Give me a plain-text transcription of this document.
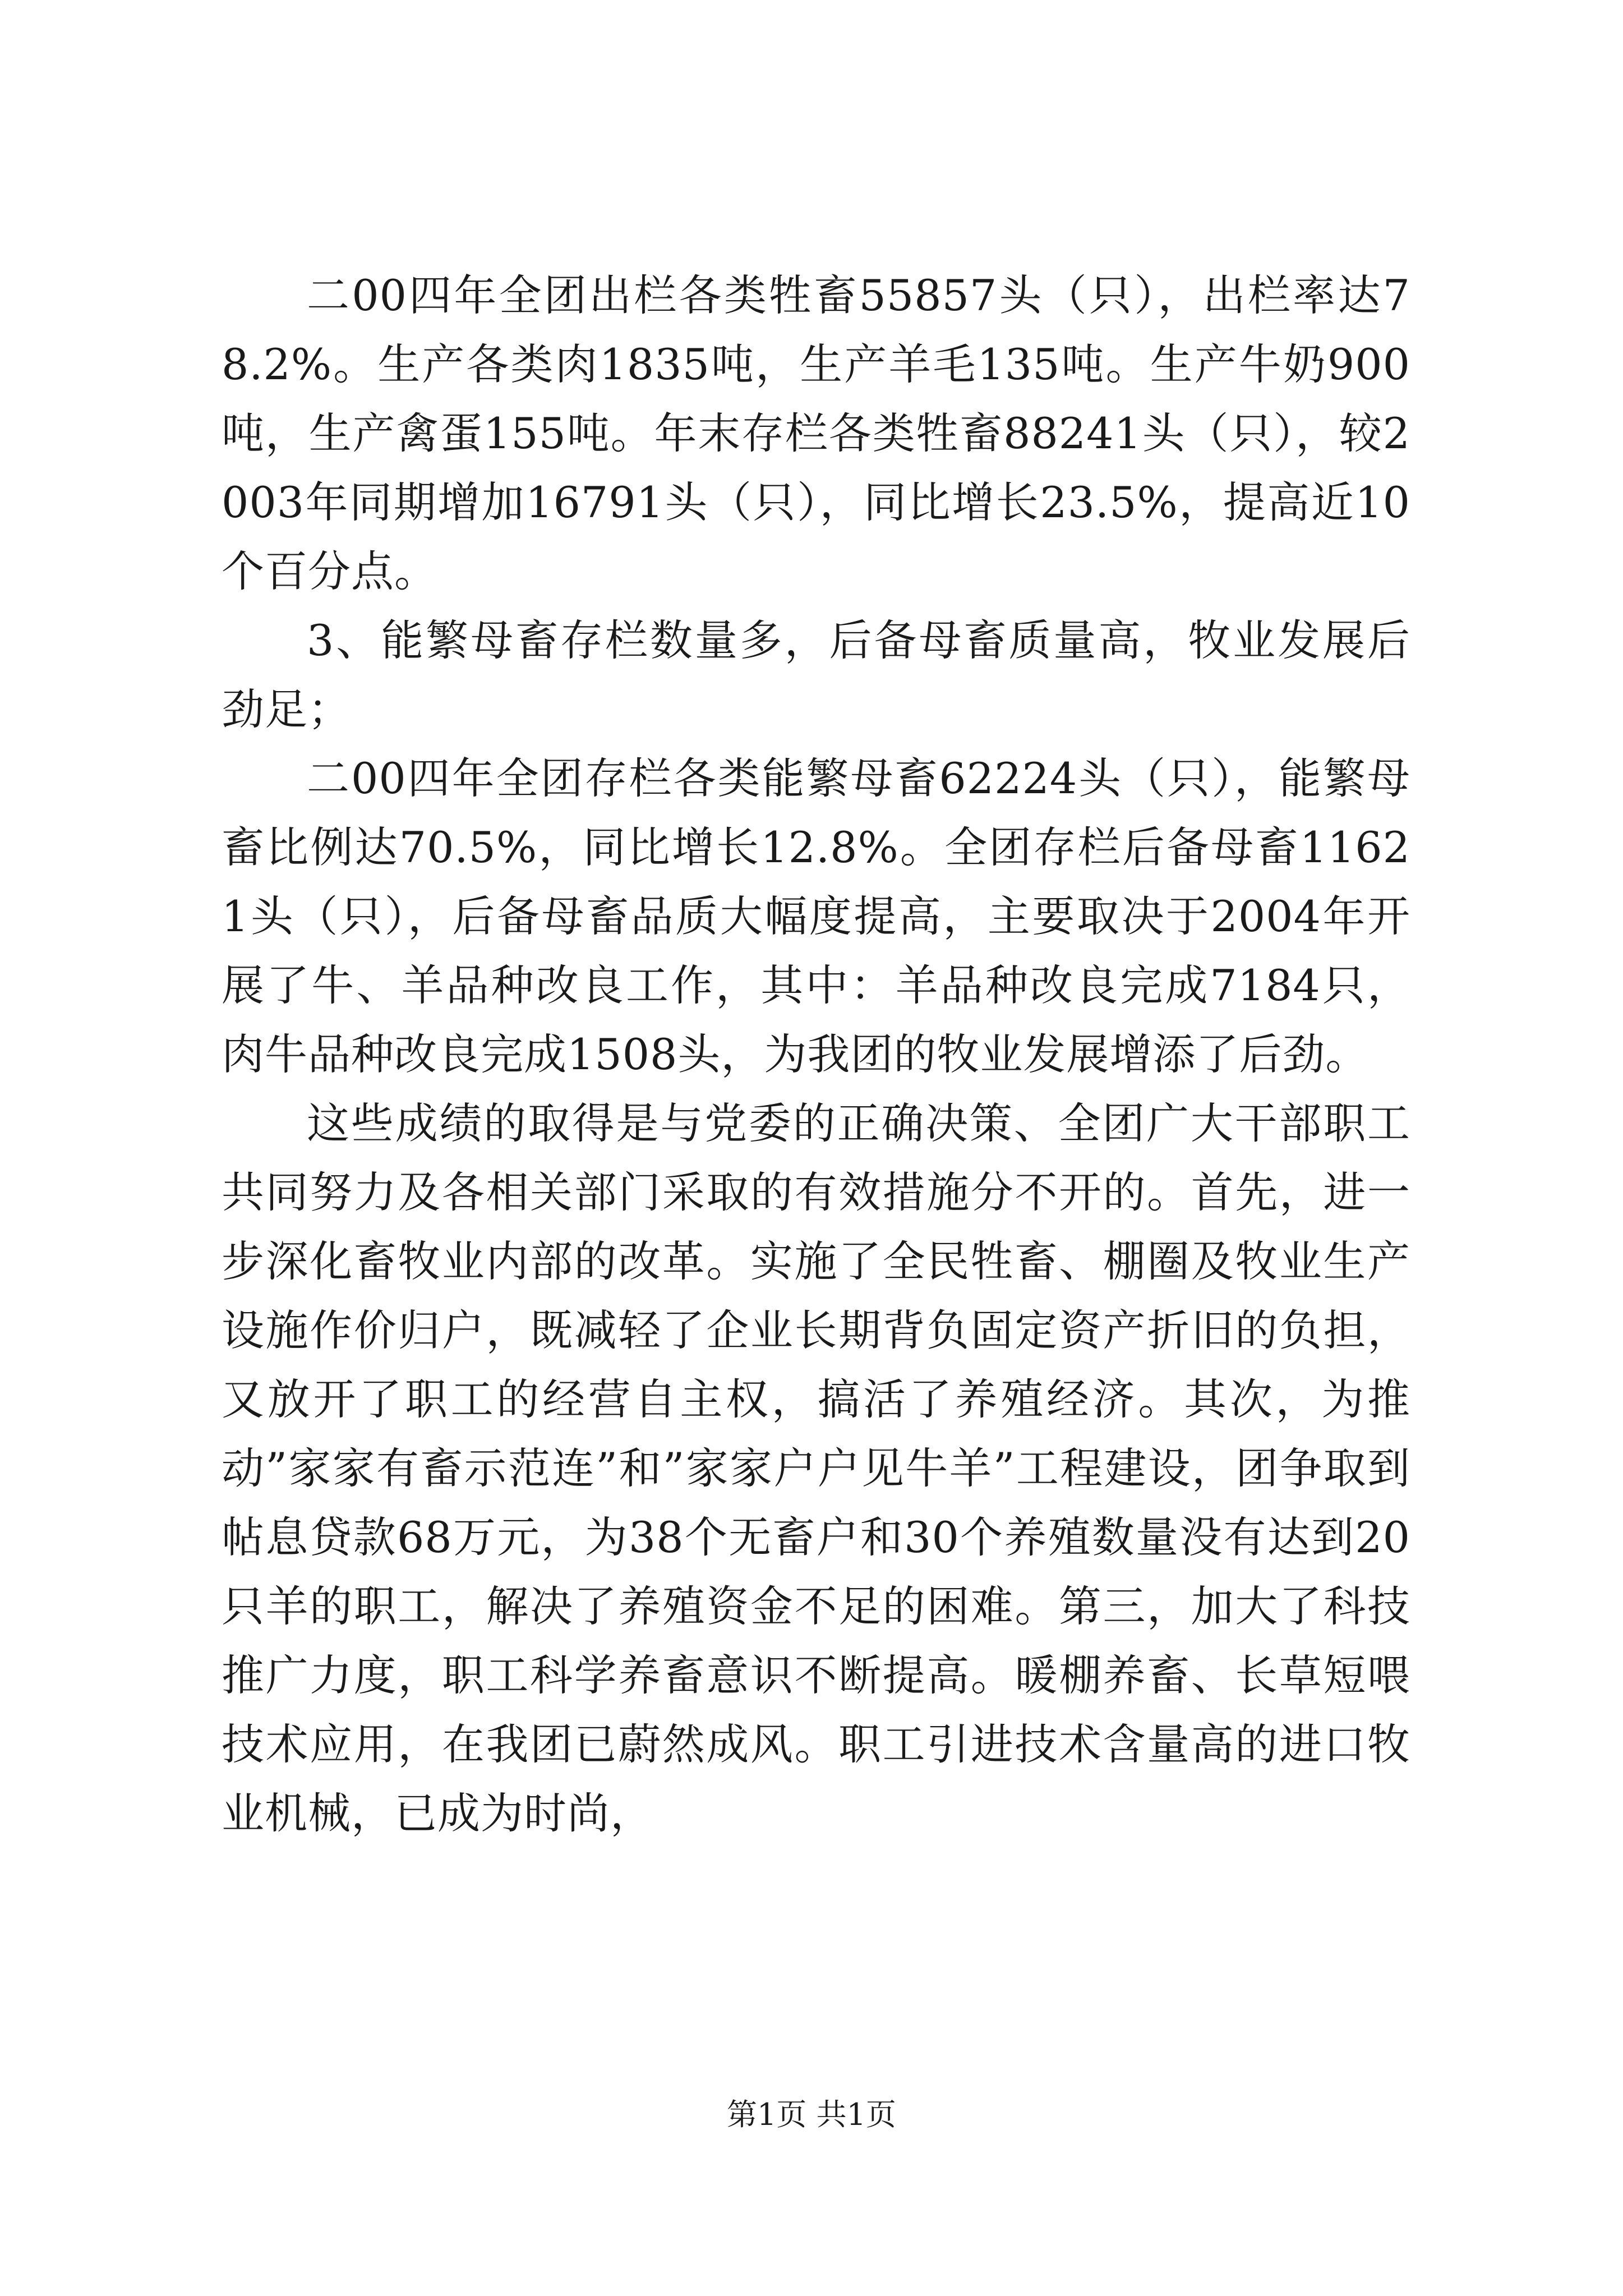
二00四年全团出栏各类牲畜55857头（只），出栏率达78.2%。生产各类肉1835吨，生产羊毛135吨。生产牛奶900吨，生产禽蛋155吨。年末存栏各类牲畜88241头（只），较2003年同期增加16791头（只），同比增长23.5%，提高近10个百分点。

3、能繁母畜存栏数量多，后备母畜质量高，牧业发展后劲足；

二00四年全团存栏各类能繁母畜62224头（只），能繁母畜比例达70.5%，同比增长12.8%。全团存栏后备母畜11621头（只），后备母畜品质大幅度提高，主要取决于2004年开展了牛、羊品种改良工作，其中：羊品种改良完成7184只，肉牛品种改良完成1508头，为我团的牧业发展增添了后劲。

这些成绩的取得是与党委的正确决策、全团广大干部职工共同努力及各相关部门采取的有效措施分不开的。首先，进一步深化畜牧业内部的改革。实施了全民牲畜、棚圈及牧业生产设施作价归户，既减轻了企业长期背负固定资产折旧的负担，又放开了职工的经营自主权，搞活了养殖经济。其次，为推动”家家有畜示范连”和”家家户户见牛羊”工程建设，团争取到帖息贷款68万元，为38个无畜户和30个养殖数量没有达到20只羊的职工，解决了养殖资金不足的困难。第三，加大了科技推广力度，职工科学养畜意识不断提高。暖棚养畜、长草短喂技术应用，在我团已蔚然成风。职工引进技术含量高的进口牧业机械，已成为时尚，

第1页 共1页
